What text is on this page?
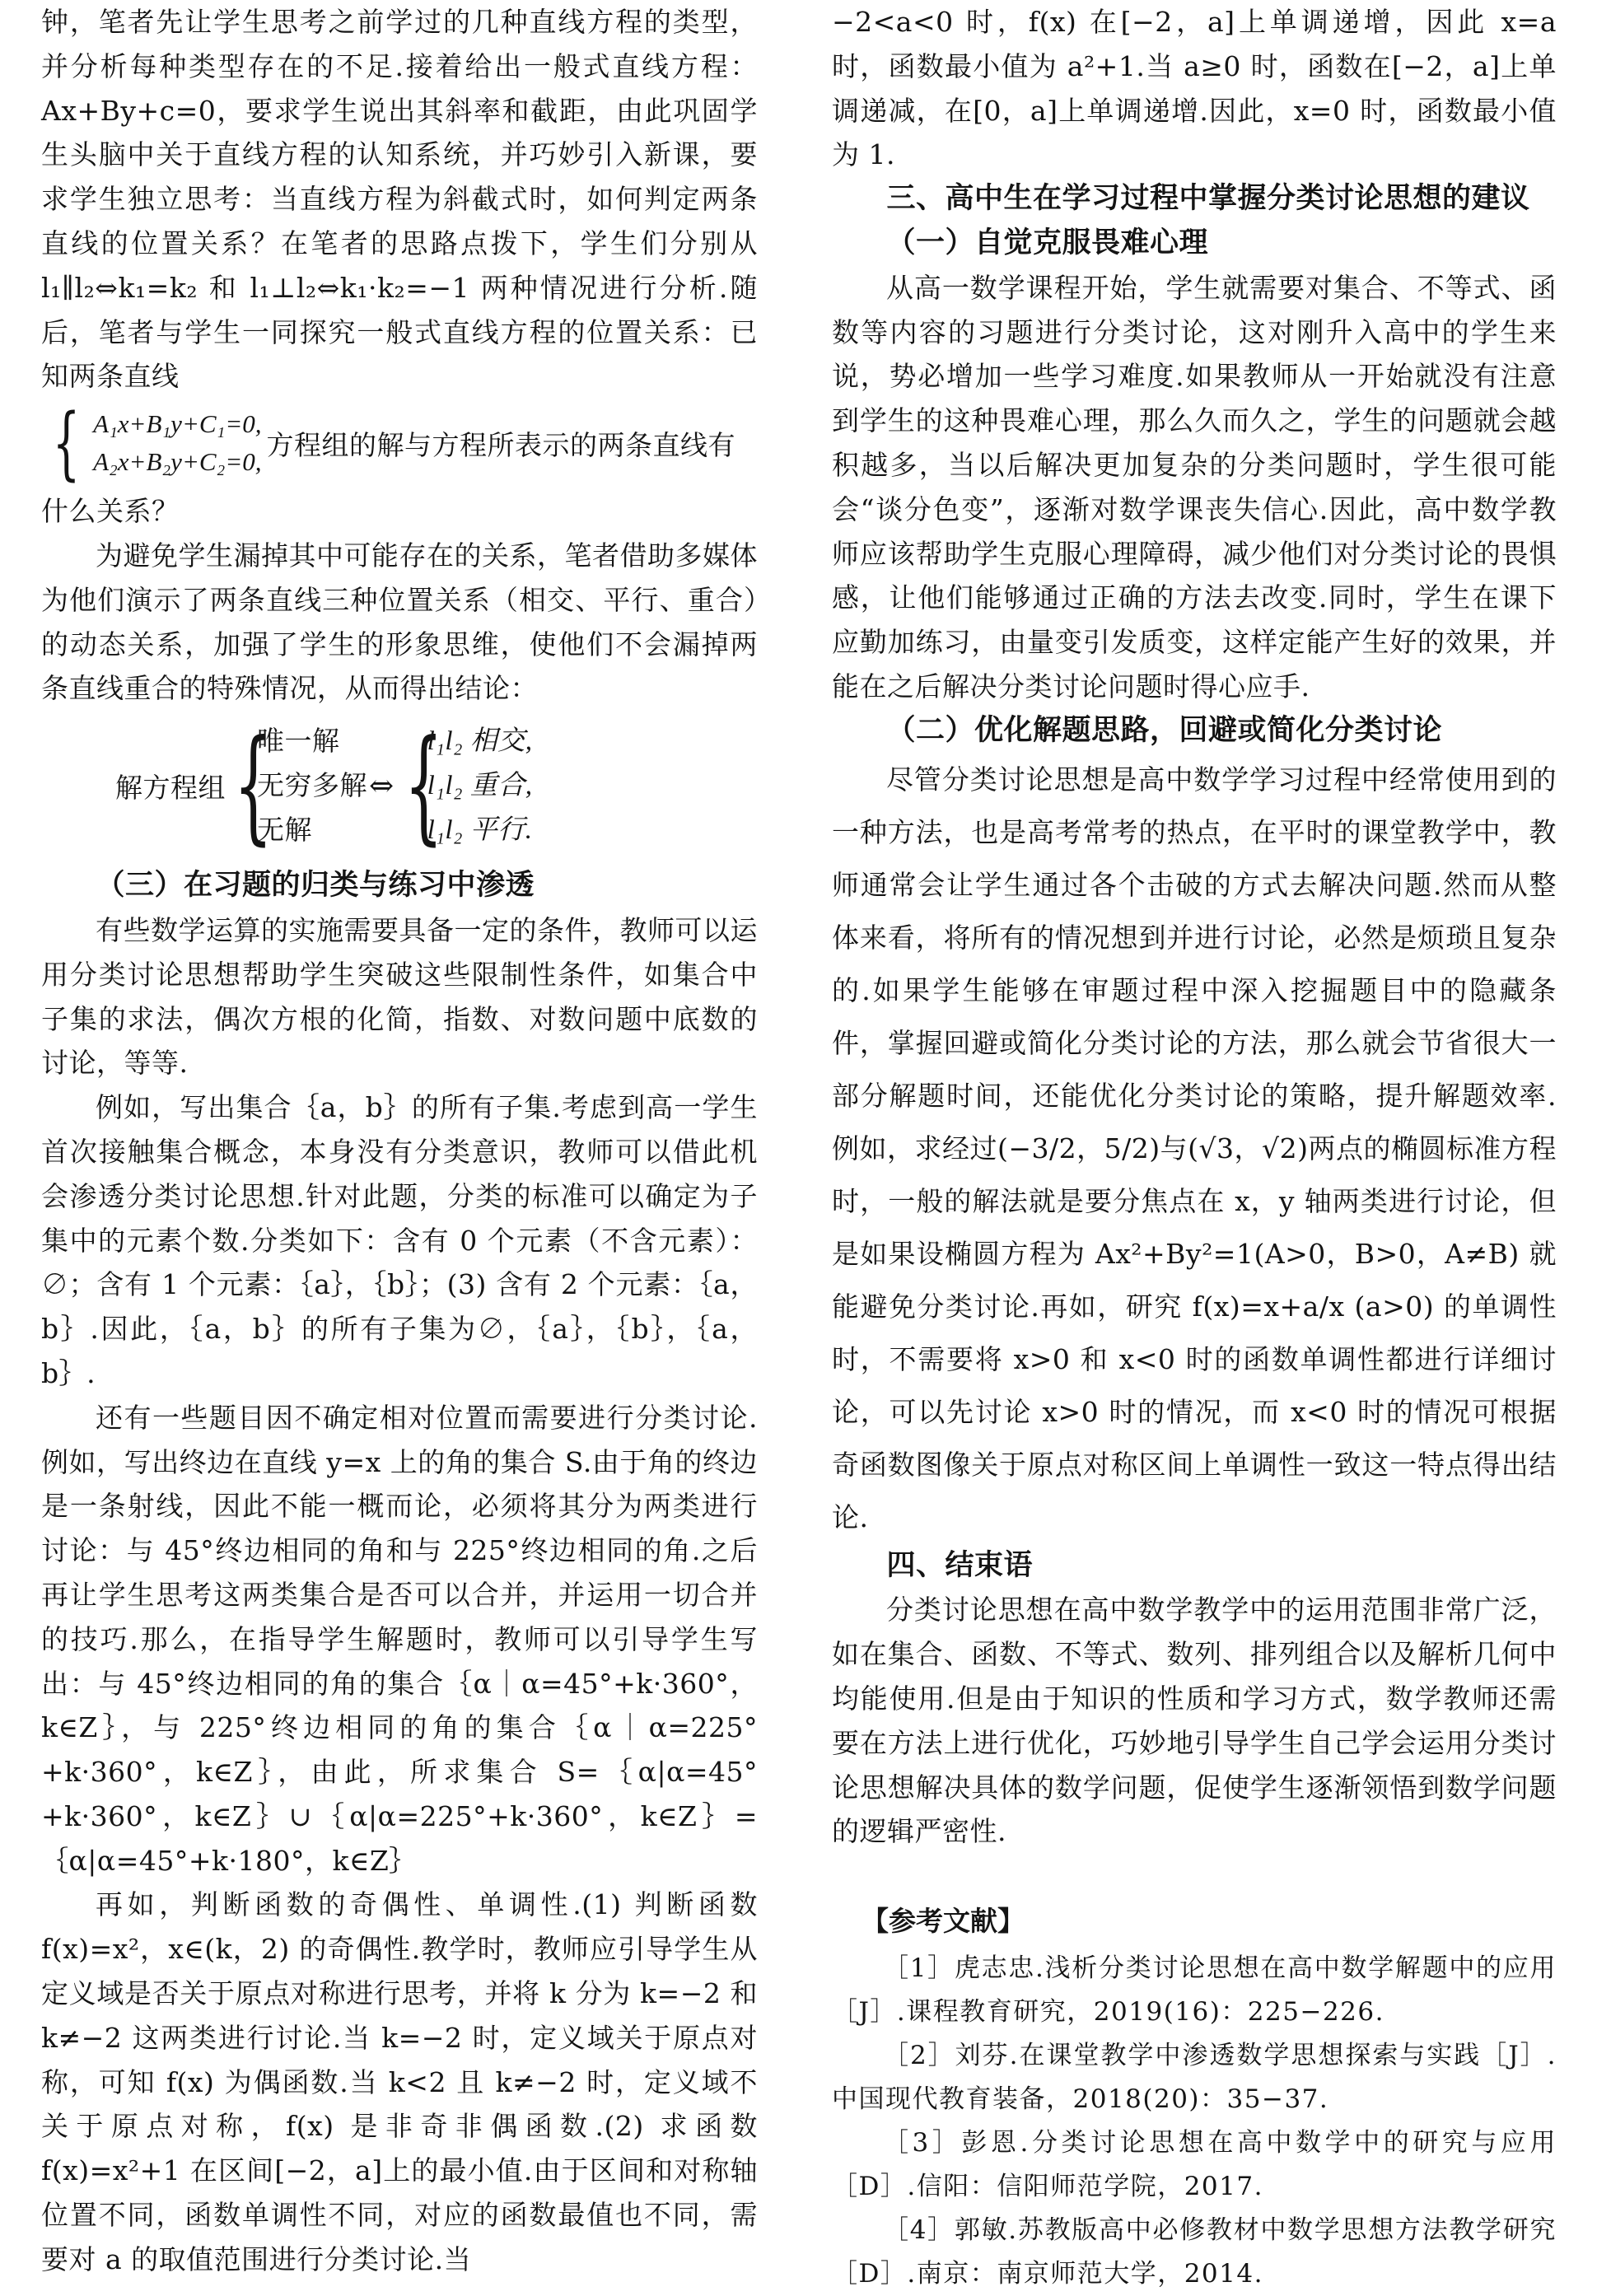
钟，笔者先让学生思考之前学过的几种直线方程的类型，并分析每种类型存在的不足.接着给出一般式直线方程：Ax+By+c=0，要求学生说出其斜率和截距，由此巩固学生头脑中关于直线方程的认知系统，并巧妙引入新课，要求学生独立思考：当直线方程为斜截式时，如何判定两条直线的位置关系？在笔者的思路点拨下，学生们分别从 l₁∥l₂⇔k₁=k₂ 和 l₁⊥l₂⇔k₁·k₂=−1 两种情况进行分析.随后，笔者与学生一同探究一般式直线方程的位置关系：已知两条直线

{ A₁x+B₁y+C₁=0,
A₂x+B₂y+C₂=0,
方程组的解与方程所表示的两条直线有

什么关系？

为避免学生漏掉其中可能存在的关系，笔者借助多媒体为他们演示了两条直线三种位置关系（相交、平行、重合）的动态关系，加强了学生的形象思维，使他们不会漏掉两条直线重合的特殊情况，从而得出结论：

解方程组 {
唯一解
无穷多解
无解
⇔ {
l₁l₂ 相交,
l₁l₂ 重合,
l₁l₂ 平行.
（三）在习题的归类与练习中渗透

有些数学运算的实施需要具备一定的条件，教师可以运用分类讨论思想帮助学生突破这些限制性条件，如集合中子集的求法，偶次方根的化简，指数、对数问题中底数的讨论，等等.

例如，写出集合｛a，b｝的所有子集.考虑到高一学生首次接触集合概念，本身没有分类意识，教师可以借此机会渗透分类讨论思想.针对此题，分类的标准可以确定为子集中的元素个数.分类如下：含有 0 个元素（不含元素）：∅；含有 1 个元素：｛a｝，｛b｝；(3) 含有 2 个元素：｛a，b｝.因此，｛a，b｝的所有子集为∅，｛a｝，｛b｝，｛a，b｝.

还有一些题目因不确定相对位置而需要进行分类讨论.例如，写出终边在直线 y=x 上的角的集合 S.由于角的终边是一条射线，因此不能一概而论，必须将其分为两类进行讨论：与 45°终边相同的角和与 225°终边相同的角.之后再让学生思考这两类集合是否可以合并，并运用一切合并的技巧.那么，在指导学生解题时，教师可以引导学生写出：与 45°终边相同的角的集合｛α｜α=45°+k·360°，k∈Z｝，与 225°终边相同的角的集合｛α｜α=225°+k·360°，k∈Z｝，由此，所求集合 S=｛α|α=45°+k·360°，k∈Z｝∪｛α|α=225°+k·360°，k∈Z｝=｛α|α=45°+k·180°，k∈Z｝

再如，判断函数的奇偶性、单调性.(1) 判断函数 f(x)=x²，x∈(k，2) 的奇偶性.教学时，教师应引导学生从定义域是否关于原点对称进行思考，并将 k 分为 k=−2 和 k≠−2 这两类进行讨论.当 k=−2 时，定义域关于原点对称，可知 f(x) 为偶函数.当 k<2 且 k≠−2 时，定义域不关于原点对称，f(x) 是非奇非偶函数.(2) 求函数 f(x)=x²+1 在区间[−2，a]上的最小值.由于区间和对称轴位置不同，函数单调性不同，对应的函数最值也不同，需要对 a 的取值范围进行分类讨论.当

−2<a<0 时，f(x) 在[−2，a]上单调递增，因此 x=a 时，函数最小值为 a²+1.当 a≥0 时，函数在[−2，a]上单调递减，在[0，a]上单调递增.因此，x=0 时，函数最小值为 1.

三、高中生在学习过程中掌握分类讨论思想的建议
（一）自觉克服畏难心理

从高一数学课程开始，学生就需要对集合、不等式、函数等内容的习题进行分类讨论，这对刚升入高中的学生来说，势必增加一些学习难度.如果教师从一开始就没有注意到学生的这种畏难心理，那么久而久之，学生的问题就会越积越多，当以后解决更加复杂的分类问题时，学生很可能会“谈分色变”，逐渐对数学课丧失信心.因此，高中数学教师应该帮助学生克服心理障碍，减少他们对分类讨论的畏惧感，让他们能够通过正确的方法去改变.同时，学生在课下应勤加练习，由量变引发质变，这样定能产生好的效果，并能在之后解决分类讨论问题时得心应手.

（二）优化解题思路，回避或简化分类讨论

尽管分类讨论思想是高中数学学习过程中经常使用到的一种方法，也是高考常考的热点，在平时的课堂教学中，教师通常会让学生通过各个击破的方式去解决问题.然而从整体来看，将所有的情况想到并进行讨论，必然是烦琐且复杂的.如果学生能够在审题过程中深入挖掘题目中的隐藏条件，掌握回避或简化分类讨论的方法，那么就会节省很大一部分解题时间，还能优化分类讨论的策略，提升解题效率.例如，求经过(−3/2，5/2)与(√3，√2)两点的椭圆标准方程时，一般的解法就是要分焦点在 x，y 轴两类进行讨论，但是如果设椭圆方程为 Ax²+By²=1(A>0，B>0，A≠B) 就能避免分类讨论.再如，研究 f(x)=x+a/x (a>0) 的单调性时，不需要将 x>0 和 x<0 时的函数单调性都进行详细讨论，可以先讨论 x>0 时的情况，而 x<0 时的情况可根据奇函数图像关于原点对称区间上单调性一致这一特点得出结论.

四、结束语

分类讨论思想在高中数学教学中的运用范围非常广泛，如在集合、函数、不等式、数列、排列组合以及解析几何中均能使用.但是由于知识的性质和学习方式，数学教师还需要在方法上进行优化，巧妙地引导学生自己学会运用分类讨论思想解决具体的数学问题，促使学生逐渐领悟到数学问题的逻辑严密性.

【参考文献】

［1］虎志忠.浅析分类讨论思想在高中数学解题中的应用［J］.课程教育研究，2019(16)：225−226.

［2］刘芬.在课堂教学中渗透数学思想探索与实践［J］.中国现代教育装备，2018(20)：35−37.

［3］彭恩.分类讨论思想在高中数学中的研究与应用［D］.信阳：信阳师范学院，2017.

［4］郭敏.苏教版高中必修教材中数学思想方法教学研究［D］.南京：南京师范大学，2014.
